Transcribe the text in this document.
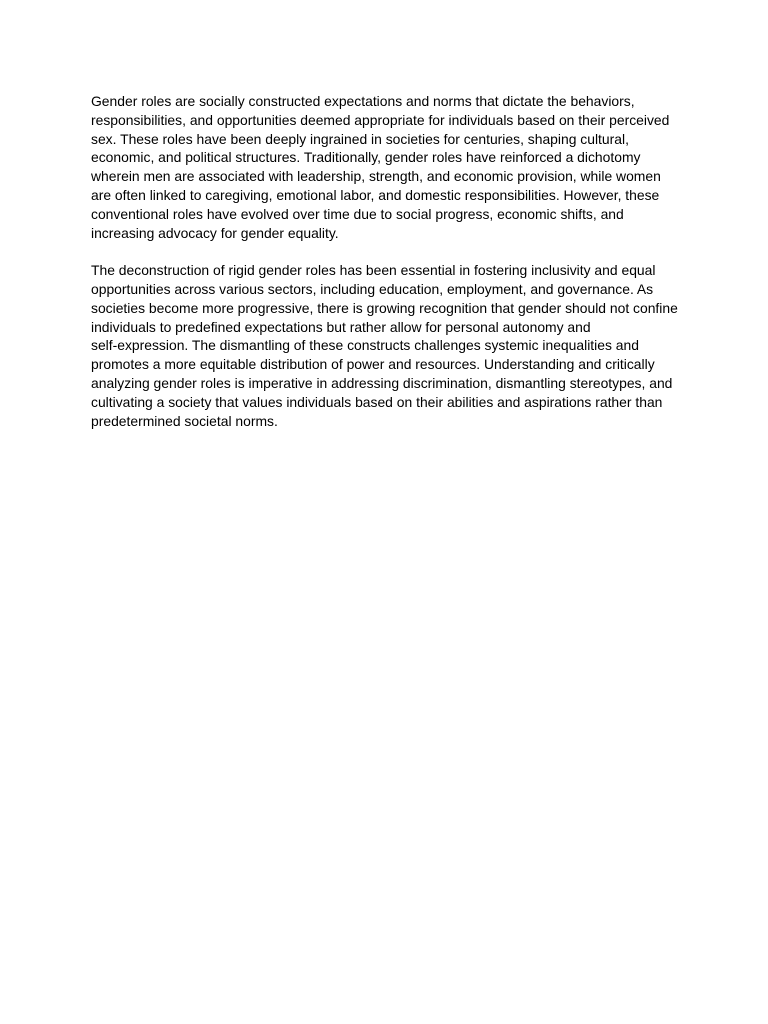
Gender roles are socially constructed expectations and norms that dictate the behaviors,
responsibilities, and opportunities deemed appropriate for individuals based on their perceived
sex. These roles have been deeply ingrained in societies for centuries, shaping cultural,
economic, and political structures. Traditionally, gender roles have reinforced a dichotomy
wherein men are associated with leadership, strength, and economic provision, while women
are often linked to caregiving, emotional labor, and domestic responsibilities. However, these
conventional roles have evolved over time due to social progress, economic shifts, and
increasing advocacy for gender equality.

The deconstruction of rigid gender roles has been essential in fostering inclusivity and equal
opportunities across various sectors, including education, employment, and governance. As
societies become more progressive, there is growing recognition that gender should not confine
individuals to predefined expectations but rather allow for personal autonomy and
self-expression. The dismantling of these constructs challenges systemic inequalities and
promotes a more equitable distribution of power and resources. Understanding and critically
analyzing gender roles is imperative in addressing discrimination, dismantling stereotypes, and
cultivating a society that values individuals based on their abilities and aspirations rather than
predetermined societal norms.
